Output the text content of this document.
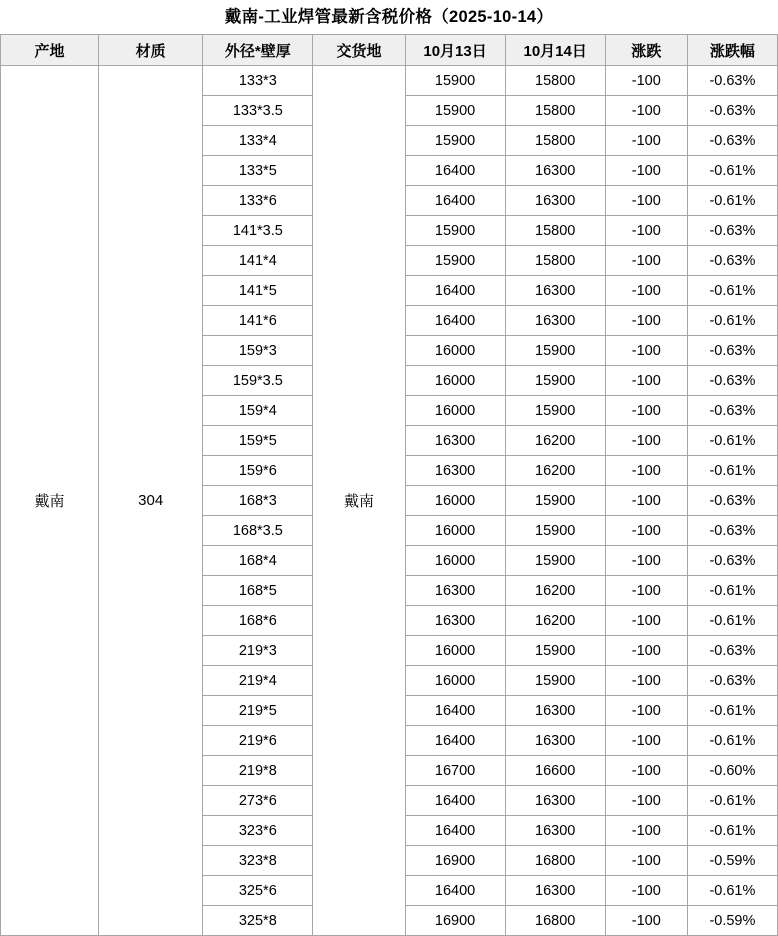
戴南-工业焊管最新含税价格（2025-10-14）
产地	材质	外径*壁厚	交货地	10月13日	10月14日	涨跌	涨跌幅
戴南	304	133*3	戴南	15900	15800	-100	-0.63%
		133*3.5		15900	15800	-100	-0.63%
		133*4		15900	15800	-100	-0.63%
		133*5		16400	16300	-100	-0.61%
		133*6		16400	16300	-100	-0.61%
		141*3.5		15900	15800	-100	-0.63%
		141*4		15900	15800	-100	-0.63%
		141*5		16400	16300	-100	-0.61%
		141*6		16400	16300	-100	-0.61%
		159*3		16000	15900	-100	-0.63%
		159*3.5		16000	15900	-100	-0.63%
		159*4		16000	15900	-100	-0.63%
		159*5		16300	16200	-100	-0.61%
		159*6		16300	16200	-100	-0.61%
		168*3		16000	15900	-100	-0.63%
		168*3.5		16000	15900	-100	-0.63%
		168*4		16000	15900	-100	-0.63%
		168*5		16300	16200	-100	-0.61%
		168*6		16300	16200	-100	-0.61%
		219*3		16000	15900	-100	-0.63%
		219*4		16000	15900	-100	-0.63%
		219*5		16400	16300	-100	-0.61%
		219*6		16400	16300	-100	-0.61%
		219*8		16700	16600	-100	-0.60%
		273*6		16400	16300	-100	-0.61%
		323*6		16400	16300	-100	-0.61%
		323*8		16900	16800	-100	-0.59%
		325*6		16400	16300	-100	-0.61%
		325*8		16900	16800	-100	-0.59%
